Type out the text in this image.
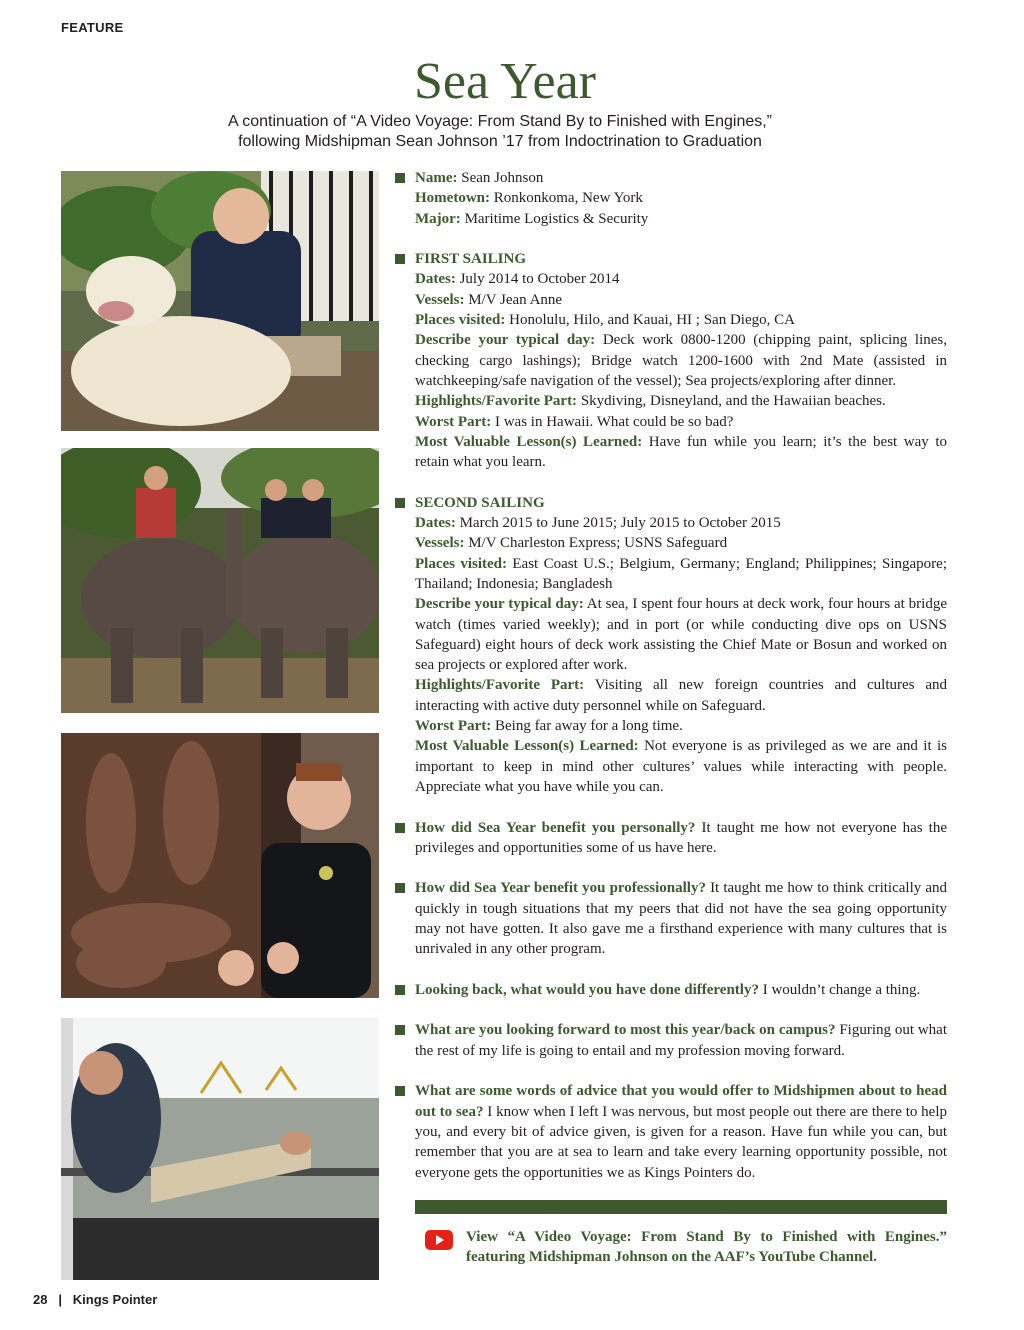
FEATURE
Sea Year
A continuation of “A Video Voyage: From Stand By to Finished with Engines,”
following Midshipman Sean Johnson ’17 from Indoctrination to Graduation
Name: Sean Johnson
Hometown: Ronkonkoma, New York
Major: Maritime Logistics & Security
FIRST SAILING
Dates: July 2014 to October 2014
Vessels: M/V Jean Anne
Places visited: Honolulu, Hilo, and Kauai, HI ; San Diego, CA
Describe your typical day: Deck work 0800-1200 (chipping paint, splicing lines, checking cargo lashings); Bridge watch 1200-1600 with 2nd Mate (assisted in watchkeeping/safe navigation of the vessel); Sea projects/exploring after dinner.
Highlights/Favorite Part: Skydiving, Disneyland, and the Hawaiian beaches.
Worst Part: I was in Hawaii. What could be so bad?
Most Valuable Lesson(s) Learned: Have fun while you learn; it’s the best way to retain what you learn.
SECOND SAILING
Dates: March 2015 to June 2015; July 2015 to October 2015
Vessels: M/V Charleston Express; USNS Safeguard
Places visited: East Coast U.S.; Belgium, Germany; England; Philippines; Singapore; Thailand; Indonesia; Bangladesh
Describe your typical day: At sea, I spent four hours at deck work, four hours at bridge watch (times varied weekly); and in port (or while conducting dive ops on USNS Safeguard) eight hours of deck work assisting the Chief Mate or Bosun and worked on sea projects or explored after work.
Highlights/Favorite Part: Visiting all new foreign countries and cultures and interacting with active duty personnel while on Safeguard.
Worst Part: Being far away for a long time.
Most Valuable Lesson(s) Learned: Not everyone is as privileged as we are and it is important to keep in mind other cultures’ values while interacting with people. Appreciate what you have while you can.
How did Sea Year benefit you personally? It taught me how not everyone has the privileges and opportunities some of us have here.
How did Sea Year benefit you professionally? It taught me how to think critically and quickly in tough situations that my peers that did not have the sea going opportunity may not have gotten. It also gave me a firsthand experience with many cultures that is unrivaled in any other program.
Looking back, what would you have done differently? I wouldn’t change a thing.
What are you looking forward to most this year/back on campus? Figuring out what the rest of my life is going to entail and my profession moving forward.
What are some words of advice that you would offer to Midshipmen about to head out to sea? I know when I left I was nervous, but most people out there are there to help you, and every bit of advice given, is given for a reason. Have fun while you can, but remember that you are at sea to learn and take every learning opportunity possible, not everyone gets the opportunities we as Kings Pointers do.
View “A Video Voyage: From Stand By to Finished with Engines.” featuring Midshipman Johnson on the AAF’s YouTube Channel.
28 | Kings Pointer
